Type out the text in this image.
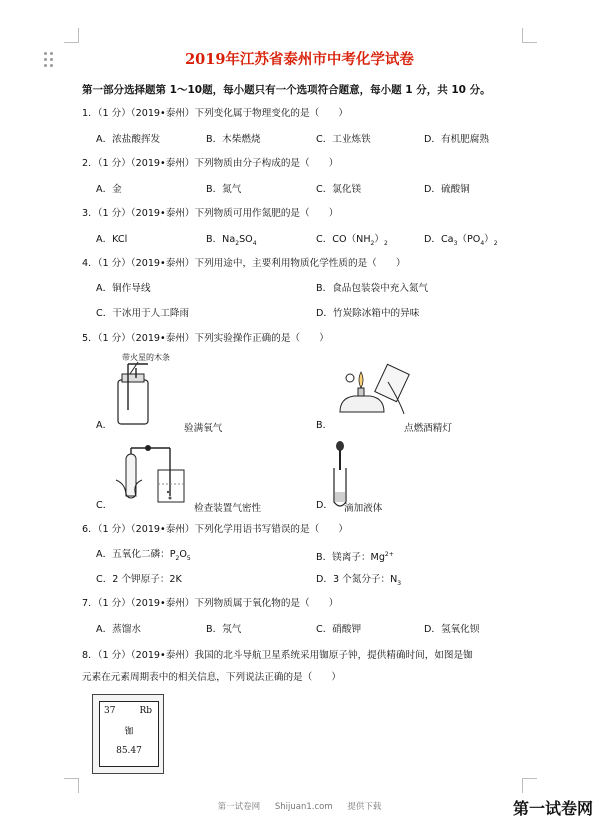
2019年江苏省泰州市中考化学试卷
第一部分选择题第 1～10题，每小题只有一个选项符合题意，每小题 1 分，共 10 分。
1．（1 分）（2019•泰州）下列变化属于物理变化的是（　　）
A．浓盐酸挥发	B．木柴燃烧	C．工业炼铁	D．有机肥腐熟
2．（1 分）（2019•泰州）下列物质由分子构成的是（　　）
A．金	B．氮气	C．氯化镁	D．硫酸铜
3．（1 分）（2019•泰州）下列物质可用作氮肥的是（　　）
A．KCl	B．$Na_2SO_4$	C．$CO(NH_2)_2$	D．$Ca_3(PO_4)_2$
4．（1 分）（2019•泰州）下列用途中，主要利用物质化学性质的是（　　）
A．铜作导线	B．食品包装袋中充入氮气
C．干冰用于人工降雨	D．竹炭除冰箱中的异味
5．（1 分）（2019•泰州）下列实验操作正确的是（　　）
带火星的木条
A．	验满氧气	B．	点燃酒精灯
C．	检查装置气密性	D． 滴加液体
6．（1 分）（2019•泰州）下列化学用语书写错误的是（　　）
A．五氧化二磷：$P_2O_5$	B．镁离子：$Mg^{2+}$
C．2 个钾原子：2K	D．3 个氮分子：$N_3$
7．（1 分）（2019•泰州）下列物质属于氧化物的是（　　）
A．蒸馏水	B．氖气	C．硝酸钾	D．氢氧化钡
8．（1 分）（2019•泰州）我国的北斗导航卫星系统采用铷原子钟，提供精确时间，如图是铷
元素在元素周期表中的相关信息，下列说法正确的是（　　）
37	Rb
铷
85.47
第一试卷网 Shijuan1.com 提供下载	第一试卷网
